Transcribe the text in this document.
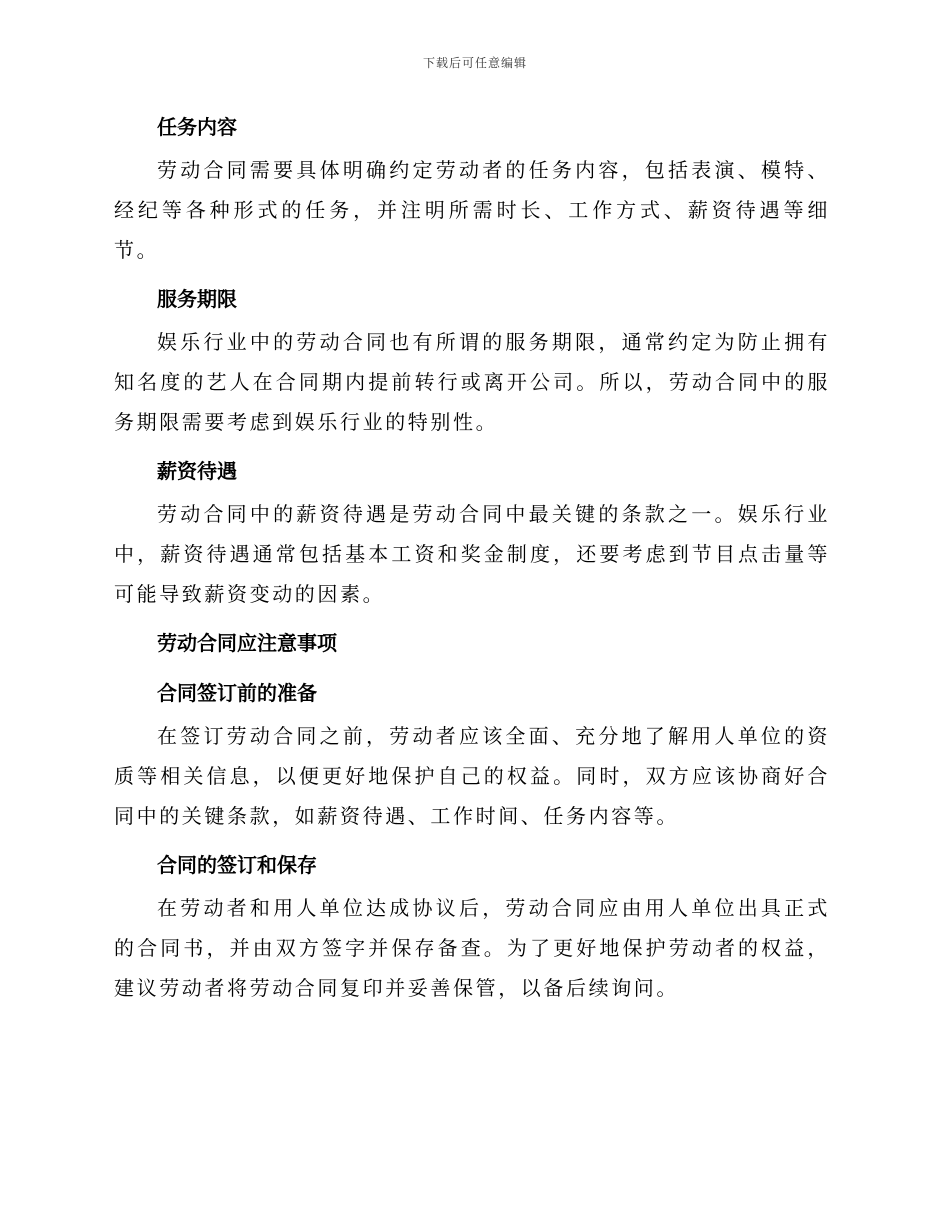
下载后可任意编辑
任务内容

劳动合同需要具体明确约定劳动者的任务内容，包括表演、模特、经纪等各种形式的任务，并注明所需时长、工作方式、薪资待遇等细节。

服务期限

娱乐行业中的劳动合同也有所谓的服务期限，通常约定为防止拥有知名度的艺人在合同期内提前转行或离开公司。所以，劳动合同中的服务期限需要考虑到娱乐行业的特别性。

薪资待遇

劳动合同中的薪资待遇是劳动合同中最关键的条款之一。娱乐行业中，薪资待遇通常包括基本工资和奖金制度，还要考虑到节目点击量等可能导致薪资变动的因素。

劳动合同应注意事项
合同签订前的准备

在签订劳动合同之前，劳动者应该全面、充分地了解用人单位的资质等相关信息，以便更好地保护自己的权益。同时，双方应该协商好合同中的关键条款，如薪资待遇、工作时间、任务内容等。

合同的签订和保存

在劳动者和用人单位达成协议后，劳动合同应由用人单位出具正式的合同书，并由双方签字并保存备查。为了更好地保护劳动者的权益，建议劳动者将劳动合同复印并妥善保管，以备后续询问。
